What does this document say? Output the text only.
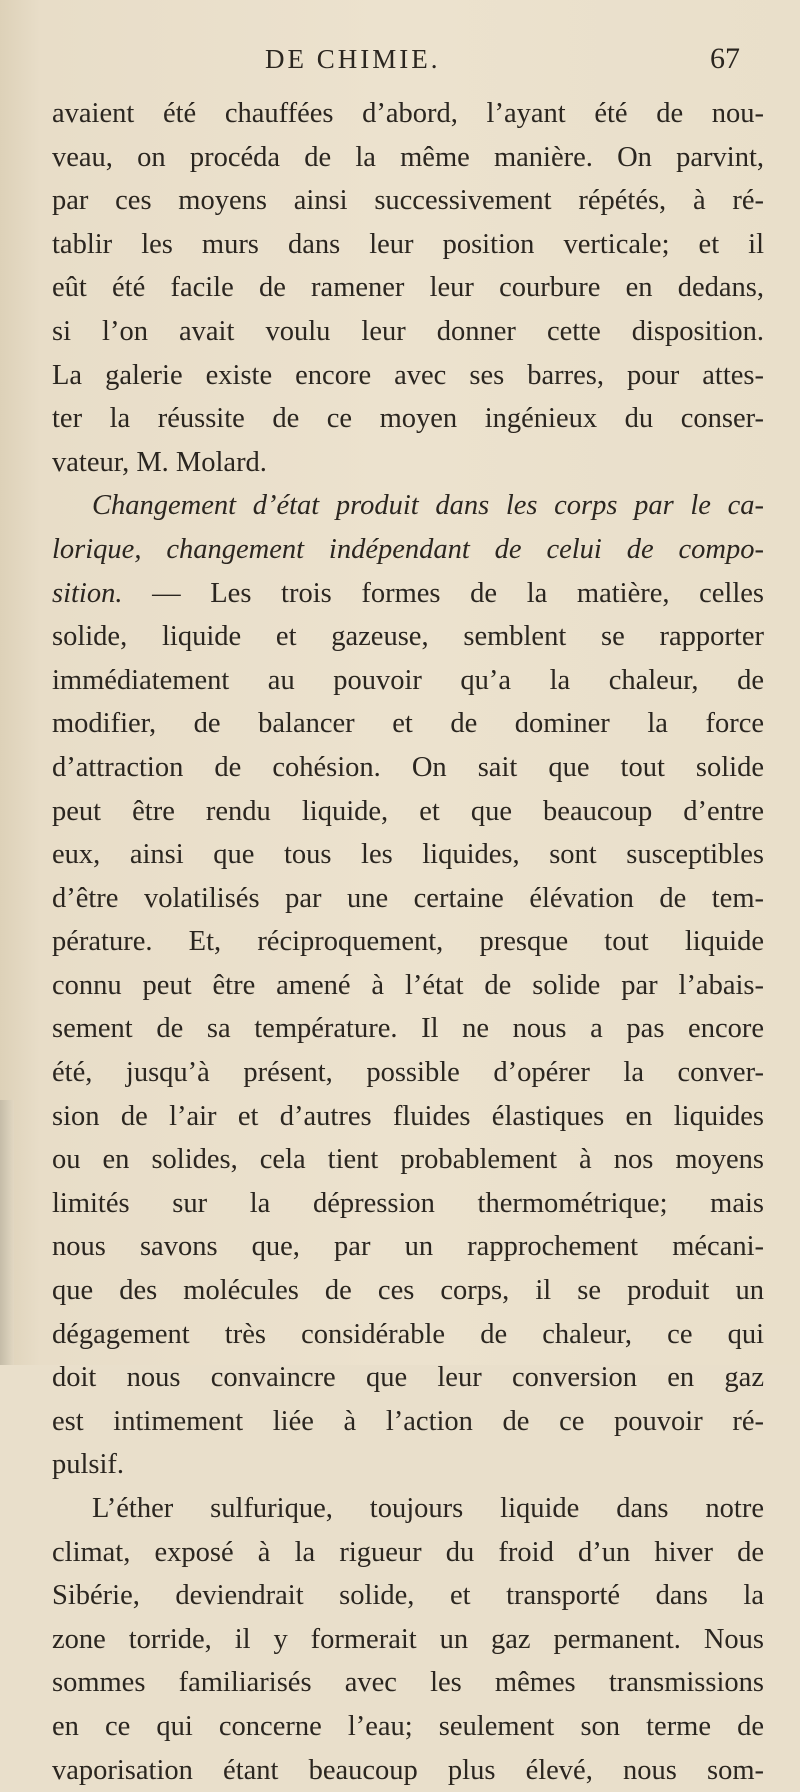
DE CHIMIE.	67
avaient été chauffées d’abord, l’ayant été de nou-
veau, on procéda de la même manière. On parvint,
par ces moyens ainsi successivement répétés, à ré-
tablir les murs dans leur position verticale; et il
eût été facile de ramener leur courbure en dedans,
si l’on avait voulu leur donner cette disposition.
La galerie existe encore avec ses barres, pour attes-
ter la réussite de ce moyen ingénieux du conser-
vateur, M. Molard.
Changement d’état produit dans les corps par le ca-
lorique, changement indépendant de celui de compo-
sition. — Les trois formes de la matière, celles
solide, liquide et gazeuse, semblent se rapporter
immédiatement au pouvoir qu’a la chaleur, de
modifier, de balancer et de dominer la force
d’attraction de cohésion. On sait que tout solide
peut être rendu liquide, et que beaucoup d’entre
eux, ainsi que tous les liquides, sont susceptibles
d’être volatilisés par une certaine élévation de tem-
pérature. Et, réciproquement, presque tout liquide
connu peut être amené à l’état de solide par l’abais-
sement de sa température. Il ne nous a pas encore
été, jusqu’à présent, possible d’opérer la conver-
sion de l’air et d’autres fluides élastiques en liquides
ou en solides, cela tient probablement à nos moyens
limités sur la dépression thermométrique; mais
nous savons que, par un rapprochement mécani-
que des molécules de ces corps, il se produit un
dégagement très considérable de chaleur, ce qui
doit nous convaincre que leur conversion en gaz
est intimement liée à l’action de ce pouvoir ré-
pulsif.
L’éther sulfurique, toujours liquide dans notre
climat, exposé à la rigueur du froid d’un hiver de
Sibérie, deviendrait solide, et transporté dans la
zone torride, il y formerait un gaz permanent. Nous
sommes familiarisés avec les mêmes transmissions
en ce qui concerne l’eau; seulement son terme de
vaporisation étant beaucoup plus élevé, nous som-
